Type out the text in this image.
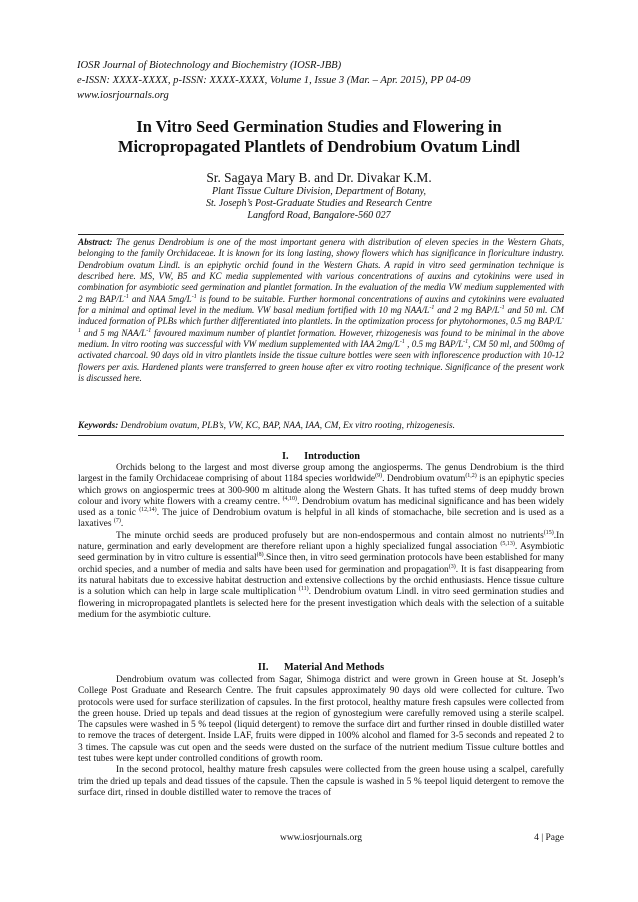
IOSR Journal of Biotechnology and Biochemistry (IOSR-JBB)
e-ISSN: XXXX-XXXX, p-ISSN: XXXX-XXXX, Volume 1, Issue 3 (Mar. – Apr. 2015), PP 04-09
www.iosrjournals.org
In Vitro Seed Germination Studies and Flowering in
Micropropagated Plantlets of Dendrobium Ovatum Lindl
Sr. Sagaya Mary B. and Dr. Divakar K.M.
Plant Tissue Culture Division, Department of Botany,
St. Joseph’s Post-Graduate Studies and Research Centre
Langford Road, Bangalore-560 027
Abstract: The genus Dendrobium is one of the most important genera with distribution of eleven species in the Western Ghats, belonging to the family Orchidaceae. It is known for its long lasting, showy flowers which has significance in floriculture industry. Dendrobium ovatum Lindl. is an epiphytic orchid found in the Western Ghats. A rapid in vitro seed germination technique is described here. MS, VW, B5 and KC media supplemented with various concentrations of auxins and cytokinins were used in combination for asymbiotic seed germination and plantlet formation. In the evaluation of the media VW medium supplemented with 2 mg BAP/$L^{-1}$ and NAA $5mg/L^{-1}$ is found to be suitable. Further hormonal concentrations of auxins and cytokinins were evaluated for a minimal and optimal level in the medium. VW basal medium fortified with 10 mg NAA/$L^{-1}$ and 2 mg BAP/$L^{-1}$ and 50 ml. CM induced formation of PLBs which further differentiated into plantlets. In the optimization process for phytohormones, 0.5 mg BAP/$L^{-1}$ and 5 mg NAA/$L^{-1}$ favoured maximum number of plantlet formation. However, rhizogenesis was found to be minimal in the above medium. In vitro rooting was successful with VW medium supplemented with IAA $2mg/L^{-1}$ , 0.5 mg BAP/$L^{-1}$, CM 50 ml, and 500mg of activated charcoal. 90 days old in vitro plantlets inside the tissue culture bottles were seen with inflorescence production with 10-12 flowers per axis. Hardened plants were transferred to green house after ex vitro rooting technique. Significance of the present work is discussed here.
Keywords: Dendrobium ovatum, PLB’s, VW, KC, BAP, NAA, IAA, CM, Ex vitro rooting, rhizogenesis.
I. Introduction

Orchids belong to the largest and most diverse group among the angiosperms. The genus Dendrobium is the third largest in the family Orchidaceae comprising of about 1184 species worldwide$^{(9)}$. Dendrobium ovatum$^{(1,2)}$ is an epiphytic species which grows on angiospermic trees at 300-900 m altitude along the Western Ghats. It has tufted stems of deep muddy brown colour and ivory white flowers with a creamy centre. $^{(4,10)}$. Dendrobium ovatum has medicinal significance and has been widely used as a tonic $^{(12,14)}$. The juice of Dendrobium ovatum is helpful in all kinds of stomachache, bile secretion and is used as a laxatives $^{(7)}$.

The minute orchid seeds are produced profusely but are non-endospermous and contain almost no nutrients$^{(15)}$.In nature, germination and early development are therefore reliant upon a highly specialized fungal association $^{(5,13)}$. Asymbiotic seed germination by in vitro culture is essential$^{(8)}$.Since then, in vitro seed germination protocols have been established for many orchid species, and a number of media and salts have been used for germination and propagation$^{(3)}$. It is fast disappearing from its natural habitats due to excessive habitat destruction and extensive collections by the orchid enthusiasts. Hence tissue culture is a solution which can help in large scale multiplication $^{(11)}$. Dendrobium ovatum Lindl. in vitro seed germination studies and flowering in micropropagated plantlets is selected here for the present investigation which deals with the selection of a suitable medium for the asymbiotic culture.

II. Material And Methods

Dendrobium ovatum was collected from Sagar, Shimoga district and were grown in Green house at St. Joseph’s College Post Graduate and Research Centre. The fruit capsules approximately 90 days old were collected for culture. Two protocols were used for surface sterilization of capsules. In the first protocol, healthy mature fresh capsules were collected from the green house. Dried up tepals and dead tissues at the region of gynostegium were carefully removed using a sterile scalpel. The capsules were washed in 5 % teepol (liquid detergent) to remove the surface dirt and further rinsed in double distilled water to remove the traces of detergent. Inside LAF, fruits were dipped in 100% alcohol and flamed for 3-5 seconds and repeated 2 to 3 times. The capsule was cut open and the seeds were dusted on the surface of the nutrient medium Tissue culture bottles and test tubes were kept under controlled conditions of growth room.

In the second protocol, healthy mature fresh capsules were collected from the green house using a scalpel, carefully trim the dried up tepals and dead tissues of the capsule. Then the capsule is washed in 5 % teepol liquid detergent to remove the surface dirt, rinsed in double distilled water to remove the traces of

www.iosrjournals.org	4 | Page
